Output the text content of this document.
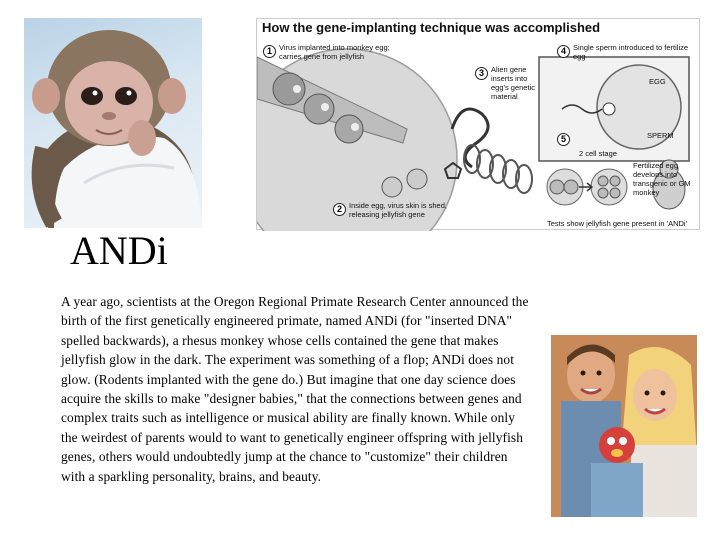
ANDi
1 Virus implanted into monkey egg; carries gene from jellyfish
2 Inside egg, virus skin is shed, releasing jellyfish gene
3 Alien gene inserts into egg's genetic material
4 Single sperm introduced to fertilize egg
5
Fertilized egg develops into transgenic or GM monkey
2 cell stage
EGG
SPERM
Tests show jellyfish gene present in 'ANDi'
How the gene-implanting technique was accomplished
A year ago, scientists at the Oregon Regional Primate Research Center announced the birth of the first genetically engineered primate, named ANDi (for "inserted DNA" spelled backwards), a rhesus monkey whose cells contained the gene that makes jellyfish glow in the dark. The experiment was something of a flop; ANDi does not glow. (Rodents implanted with the gene do.) But imagine that one day science does acquire the skills to make "designer babies," that the connections between genes and complex traits such as intelligence or musical ability are finally known. While only the weirdest of parents would to want to genetically engineer offspring with jellyfish genes, others would undoubtedly jump at the chance to "customize" their children with a sparkling personality, brains, and beauty.
